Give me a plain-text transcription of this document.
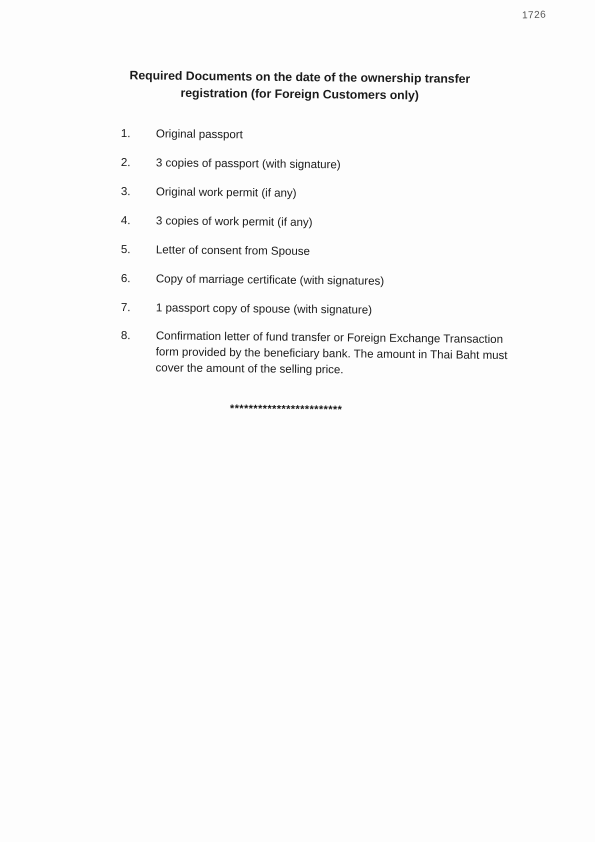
1726
Required Documents on the date of the ownership transfer
registration (for Foreign Customers only)
1.	Original passport
2.	3 copies of passport (with signature)
3.	Original work permit (if any)
4.	3 copies of work permit (if any)
5.	Letter of consent from Spouse
6.	Copy of marriage certificate (with signatures)
7.	1 passport copy of spouse (with signature)
8.	Confirmation letter of fund transfer or Foreign Exchange Transaction form provided by the beneficiary bank. The amount in Thai Baht must cover the amount of the selling price.
************************
